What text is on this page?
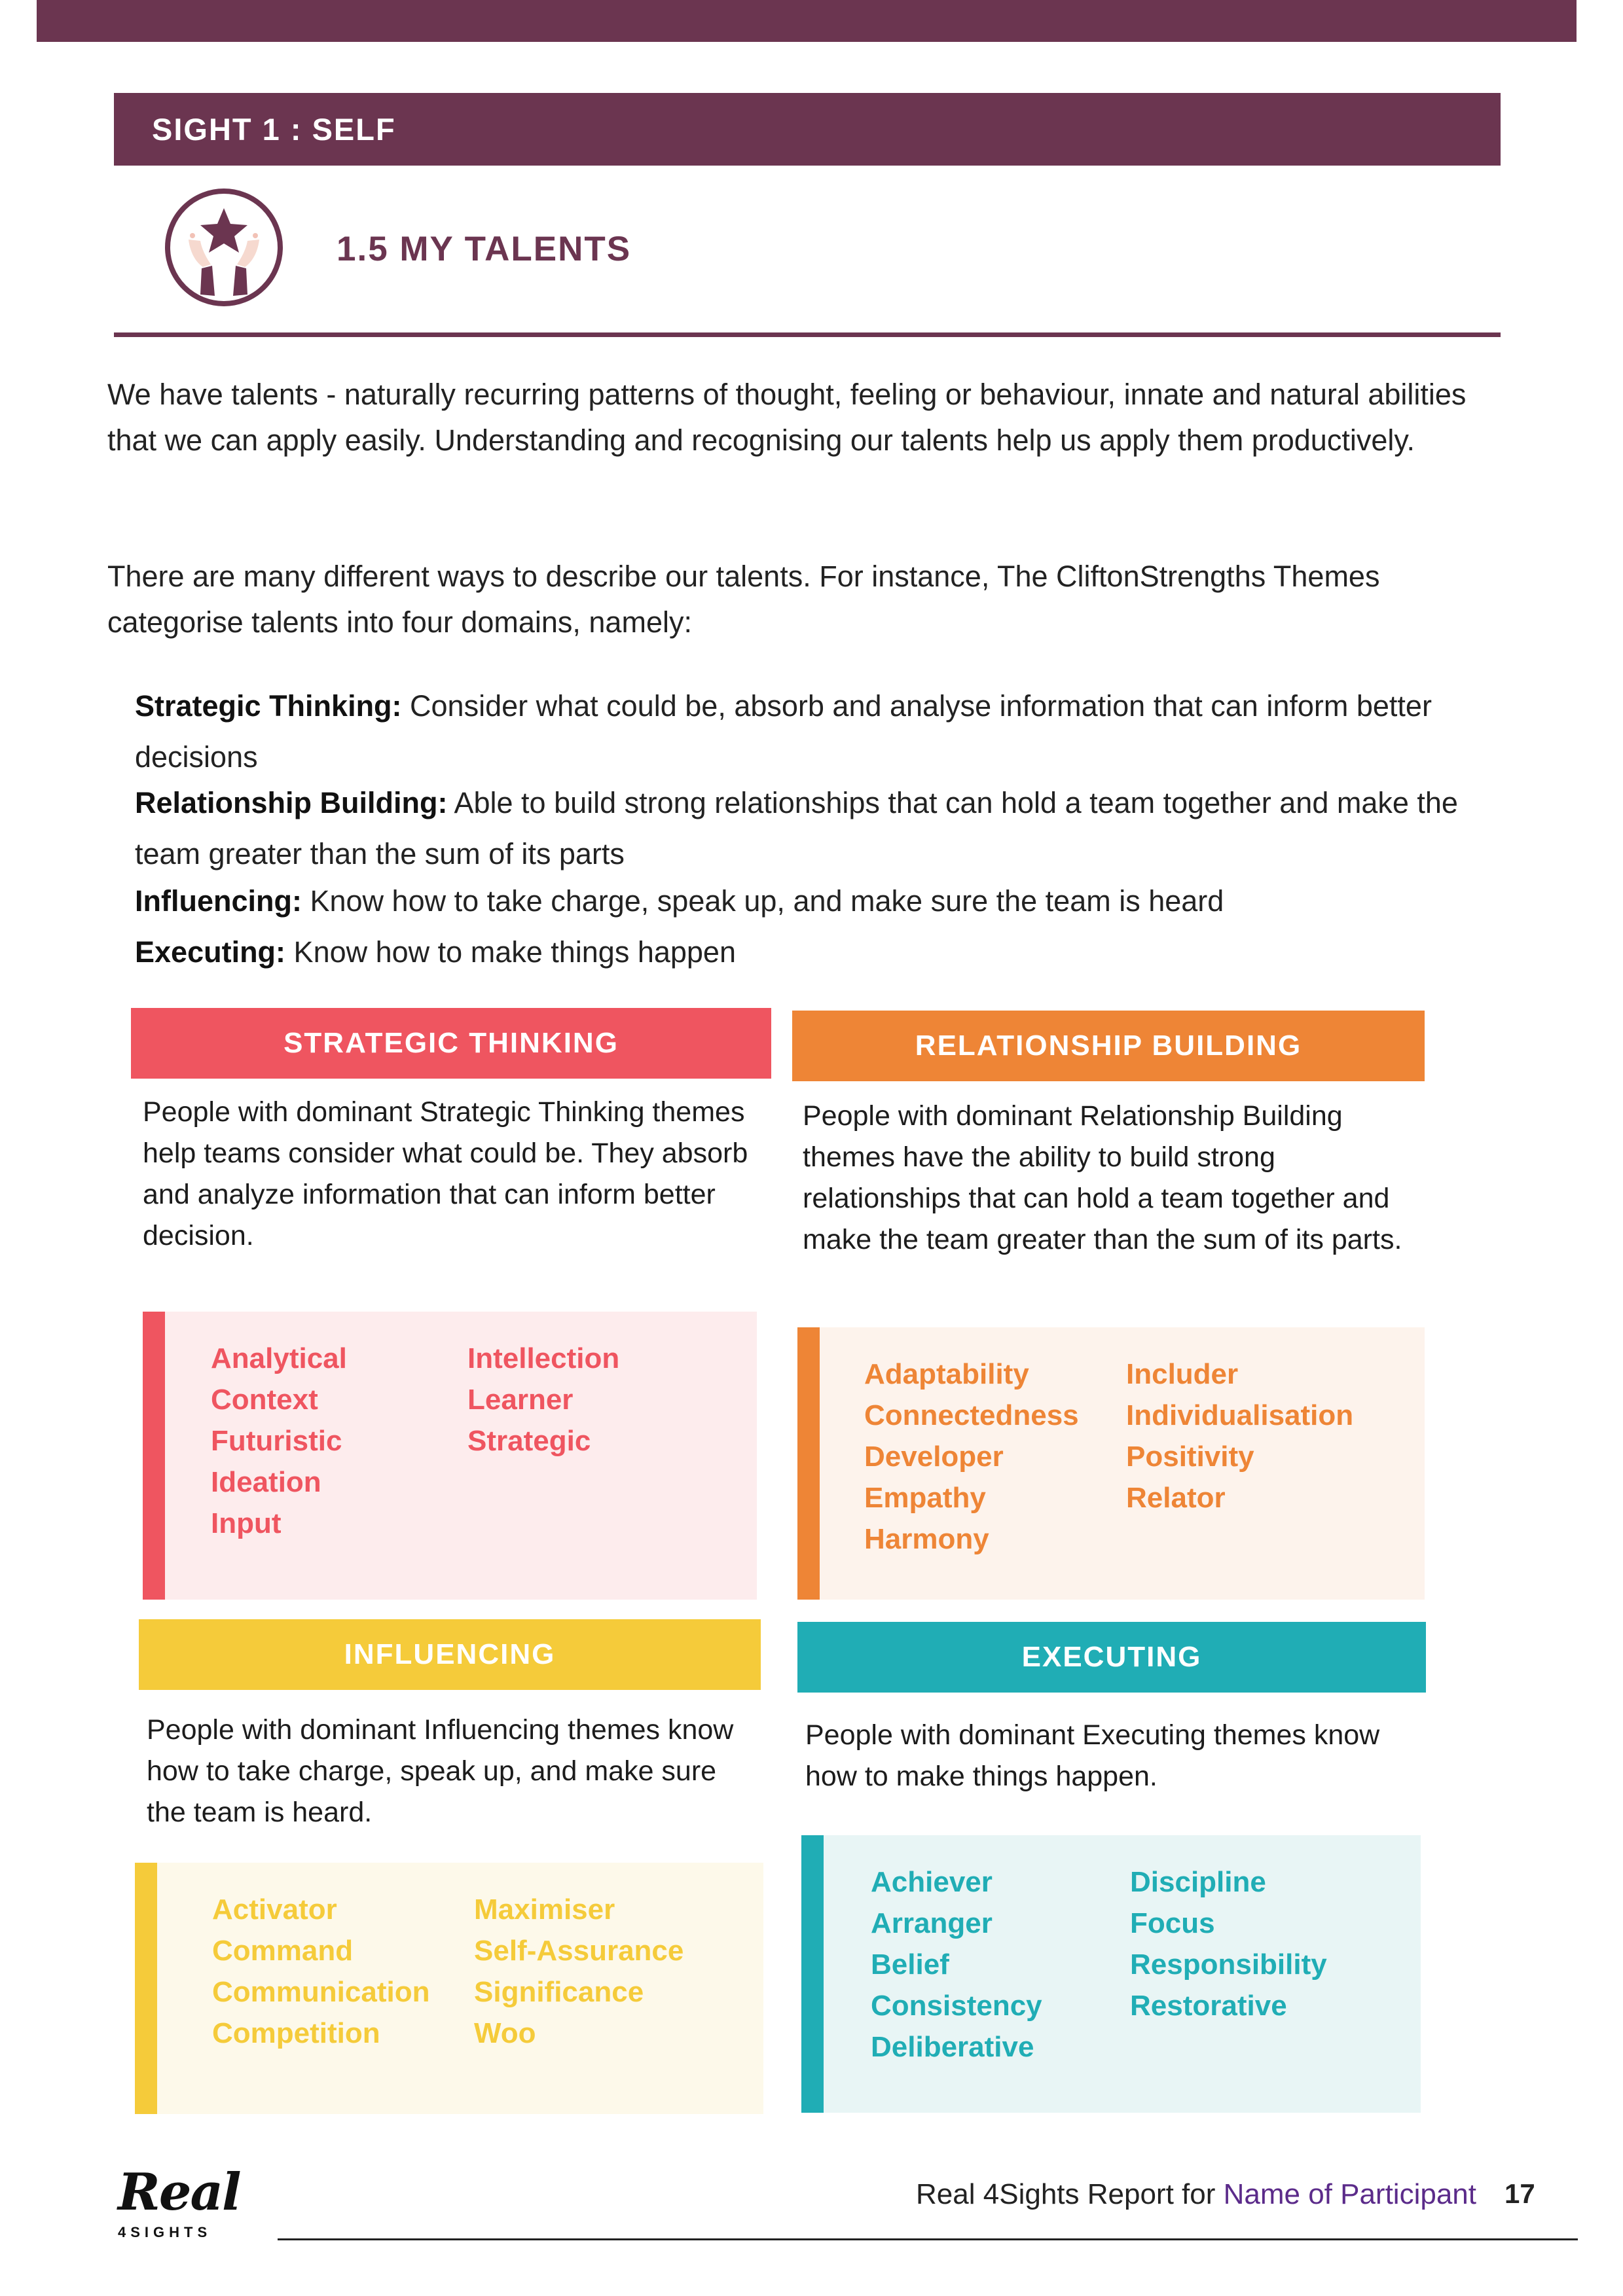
SIGHT 1 : SELF
1.5 MY TALENTS

We have talents - naturally recurring patterns of thought, feeling or behaviour, innate and natural abilities that we can apply easily. Understanding and recognising our talents help us apply them productively.

There are many different ways to describe our talents. For instance, The CliftonStrengths Themes categorise talents into four domains, namely:

Strategic Thinking: Consider what could be, absorb and analyse information that can inform better decisions

Relationship Building: Able to build strong relationships that can hold a team together and make the team greater than the sum of its parts

Influencing: Know how to take charge, speak up, and make sure the team is heard

Executing: Know how to make things happen

STRATEGIC THINKING

People with dominant Strategic Thinking themes help teams consider what could be. They absorb and analyze information that can inform better decision.

Analytical
Context
Futuristic
Ideation
Input
Intellection
Learner
Strategic
RELATIONSHIP BUILDING

People with dominant Relationship Building themes have the ability to build strong relationships that can hold a team together and make the team greater than the sum of its parts.

Adaptability
Connectedness
Developer
Empathy
Harmony
Includer
Individualisation
Positivity
Relator
INFLUENCING

People with dominant Influencing themes know how to take charge, speak up, and make sure the team is heard.

Activator
Command
Communication
Competition
Maximiser
Self-Assurance
Significance
Woo
EXECUTING

People with dominant Executing themes know how to make things happen.

Achiever
Arranger
Belief
Consistency
Deliberative
Discipline
Focus
Responsibility
Restorative
Real
4SIGHTS
Real 4Sights Report for Name of Participant 17
